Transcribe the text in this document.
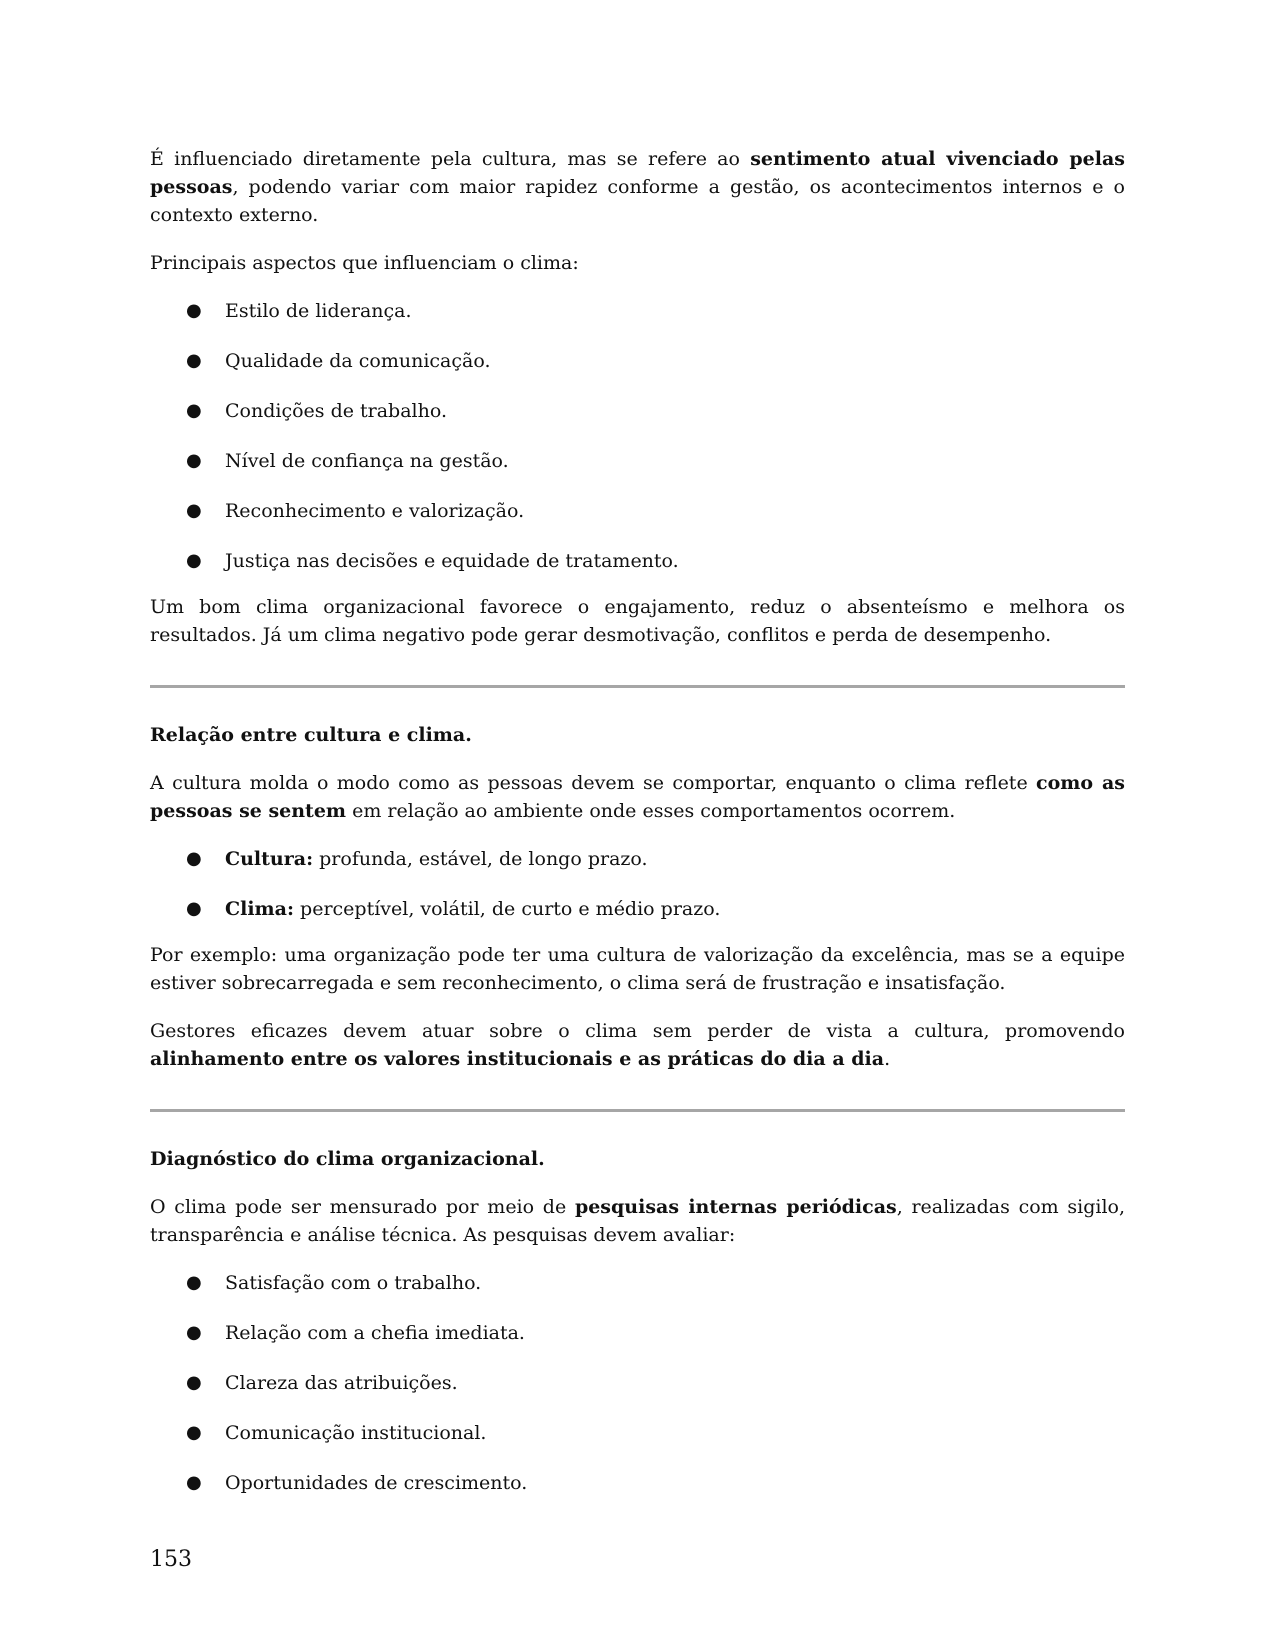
É influenciado diretamente pela cultura, mas se refere ao sentimento atual vivenciado pelas pessoas, podendo variar com maior rapidez conforme a gestão, os acontecimentos internos e o contexto externo.

Principais aspectos que influenciam o clima:

● Estilo de liderança.
● Qualidade da comunicação.
● Condições de trabalho.
● Nível de confiança na gestão.
● Reconhecimento e valorização.
● Justiça nas decisões e equidade de tratamento.

Um bom clima organizacional favorece o engajamento, reduz o absenteísmo e melhora os resultados. Já um clima negativo pode gerar desmotivação, conflitos e perda de desempenho.

Relação entre cultura e clima.

A cultura molda o modo como as pessoas devem se comportar, enquanto o clima reflete como as pessoas se sentem em relação ao ambiente onde esses comportamentos ocorrem.

● Cultura: profunda, estável, de longo prazo.
● Clima: perceptível, volátil, de curto e médio prazo.

Por exemplo: uma organização pode ter uma cultura de valorização da excelência, mas se a equipe estiver sobrecarregada e sem reconhecimento, o clima será de frustração e insatisfação.

Gestores eficazes devem atuar sobre o clima sem perder de vista a cultura, promovendo alinhamento entre os valores institucionais e as práticas do dia a dia.

Diagnóstico do clima organizacional.

O clima pode ser mensurado por meio de pesquisas internas periódicas, realizadas com sigilo, transparência e análise técnica. As pesquisas devem avaliar:

● Satisfação com o trabalho.
● Relação com a chefia imediata.
● Clareza das atribuições.
● Comunicação institucional.
● Oportunidades de crescimento.
153
